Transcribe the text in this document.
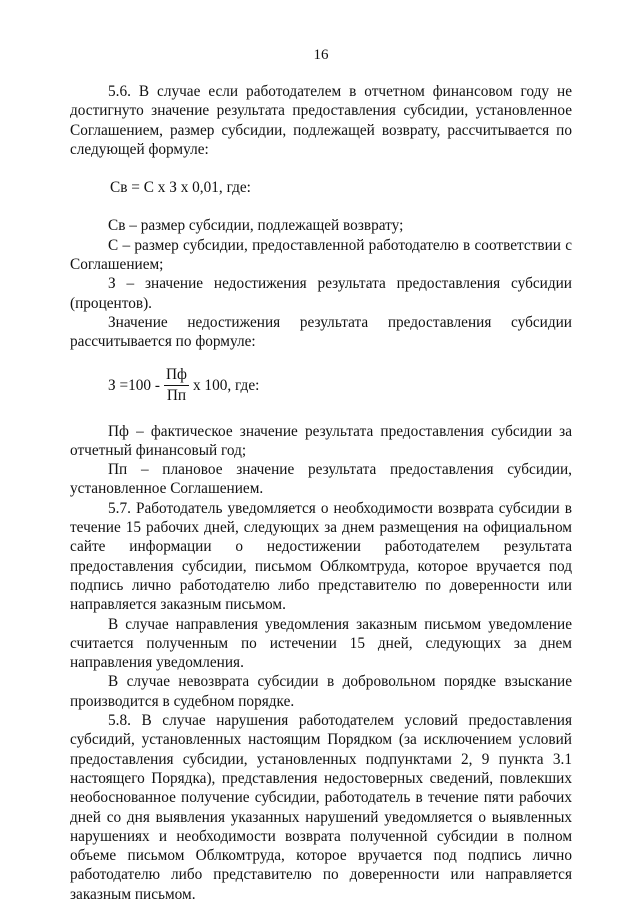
16

5.6. В случае если работодателем в отчетном финансовом году не достигнуто значение результата предоставления субсидии, установленное Соглашением, размер субсидии, подлежащей возврату, рассчитывается по следующей формуле:

Св = С х З х 0,01, где:

Св – размер субсидии, подлежащей возврату;

С – размер субсидии, предоставленной работодателю в соответствии с Соглашением;

З – значение недостижения результата предоставления субсидии (процентов).

Значение недостижения результата предоставления субсидии рассчитывается по формуле:

$З =100 - \frac{Пф}{Пп}$ х 100, где:

Пф – фактическое значение результата предоставления субсидии за отчетный финансовый год;

Пп – плановое значение результата предоставления субсидии, установленное Соглашением.

5.7. Работодатель уведомляется о необходимости возврата субсидии в течение 15 рабочих дней, следующих за днем размещения на официальном сайте информации о недостижении работодателем результата предоставления субсидии, письмом Облкомтруда, которое вручается под подпись лично работодателю либо представителю по доверенности или направляется заказным письмом.

В случае направления уведомления заказным письмом уведомление считается полученным по истечении 15 дней, следующих за днем направления уведомления.

В случае невозврата субсидии в добровольном порядке взыскание производится в судебном порядке.

5.8. В случае нарушения работодателем условий предоставления субсидий, установленных настоящим Порядком (за исключением условий предоставления субсидии, установленных подпунктами 2, 9 пункта 3.1 настоящего Порядка), представления недостоверных сведений, повлекших необоснованное получение субсидии, работодатель в течение пяти рабочих дней со дня выявления указанных нарушений уведомляется о выявленных нарушениях и необходимости возврата полученной субсидии в полном объеме письмом Облкомтруда, которое вручается под подпись лично работодателю либо представителю по доверенности или направляется заказным письмом.
